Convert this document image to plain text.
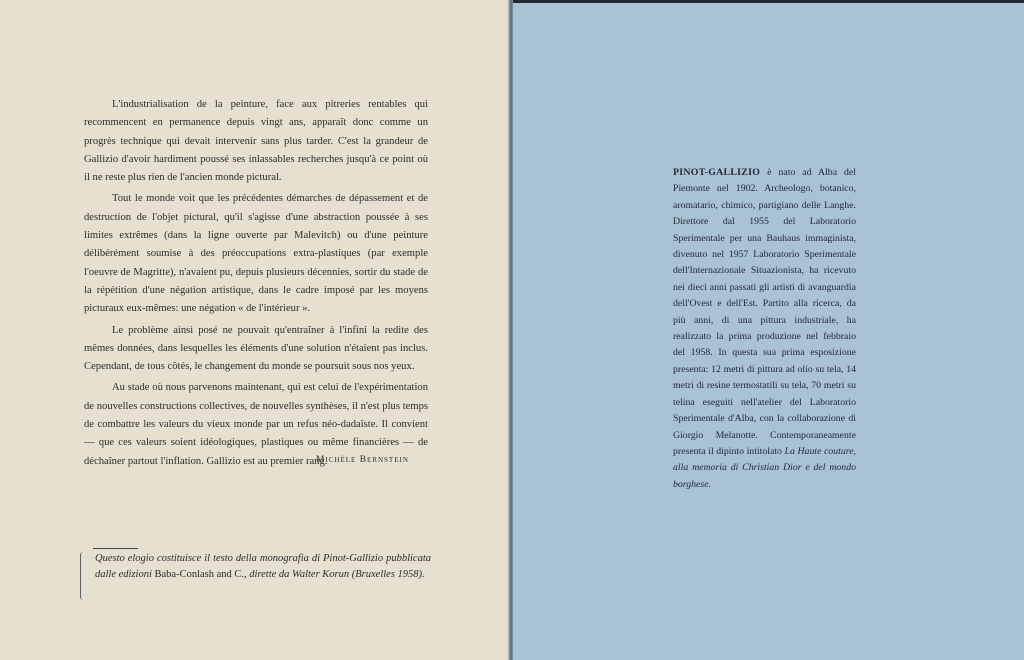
L'industrialisation de la peinture, face aux pitreries rentables qui recommencent en permanence depuis vingt ans, apparaît donc comme un progrès technique qui devait intervenir sans plus tarder. C'est la grandeur de Gallizio d'avoir hardiment poussé ses inlassables recherches jusqu'à ce point où il ne reste plus rien de l'ancien monde pictural.

Tout le monde voit que les précédentes démarches de dépassement et de destruction de l'objet pictural, qu'il s'agisse d'une abstraction poussée à ses limites extrêmes (dans la ligne ouverte par Malevitch) ou d'une peinture délibérément soumise à des préoccupations extra-plastiques (par exemple l'oeuvre de Magritte), n'avaient pu, depuis plusieurs décennies, sortir du stade de la répétition d'une négation artistique, dans le cadre imposé par les moyens picturaux eux-mêmes: une négation « de l'intérieur ».

Le problème ainsi posé ne pouvait qu'entraîner à l'infini la redite des mêmes données, dans lesquelles les éléments d'une solution n'étaient pas inclus. Cependant, de tous côtés, le changement du monde se poursuit sous nos yeux.

Au stade où nous parvenons maintenant, qui est celui de l'expérimentation de nouvelles constructions collectives, de nouvelles synthèses, il n'est plus temps de combattre les valeurs du vieux monde par un refus néo-dadaïste. Il convient — que ces valeurs soient idéologiques, plastiques ou même financières — de déchaîner partout l'inflation. Gallizio est au premier rang.

Michèle Bernstein
Questo elogio costituisce il testo della monografia di Pinot-Gallizio pubblicata dalle edizioni Baba-Conlash and C., dirette da Walter Korun (Bruxelles 1958).
PINOT-GALLIZIO è nato ad Alba del Piemonte nel 1902. Archeologo, botanico, aromatario, chimico, partigiano delle Langhe. Direttore dal 1955 del Laboratorio Sperimentale per una Bauhaus immaginista, divenuto nel 1957 Laboratorio Sperimentale dell'Internazionale Situazionista, ha ricevuto nei dieci anni passati gli artisti di avanguardia dell'Ovest e dell'Est. Partito alla ricerca, da più anni, di una pittura industriale, ha realizzato la prima produzione nel febbraio del 1958. In questa sua prima esposizione presenta: 12 metri di pittura ad olio su tela, 14 metri di resine termostatili su tela, 70 metri su telina eseguiti nell'atelier del Laboratorio Sperimentale d'Alba, con la collaborazione di Giorgio Melanotte. Contemporaneamente presenta il dipinto intitolato La Haute couture, alla memoria di Christian Dior e del mondo borghese.
